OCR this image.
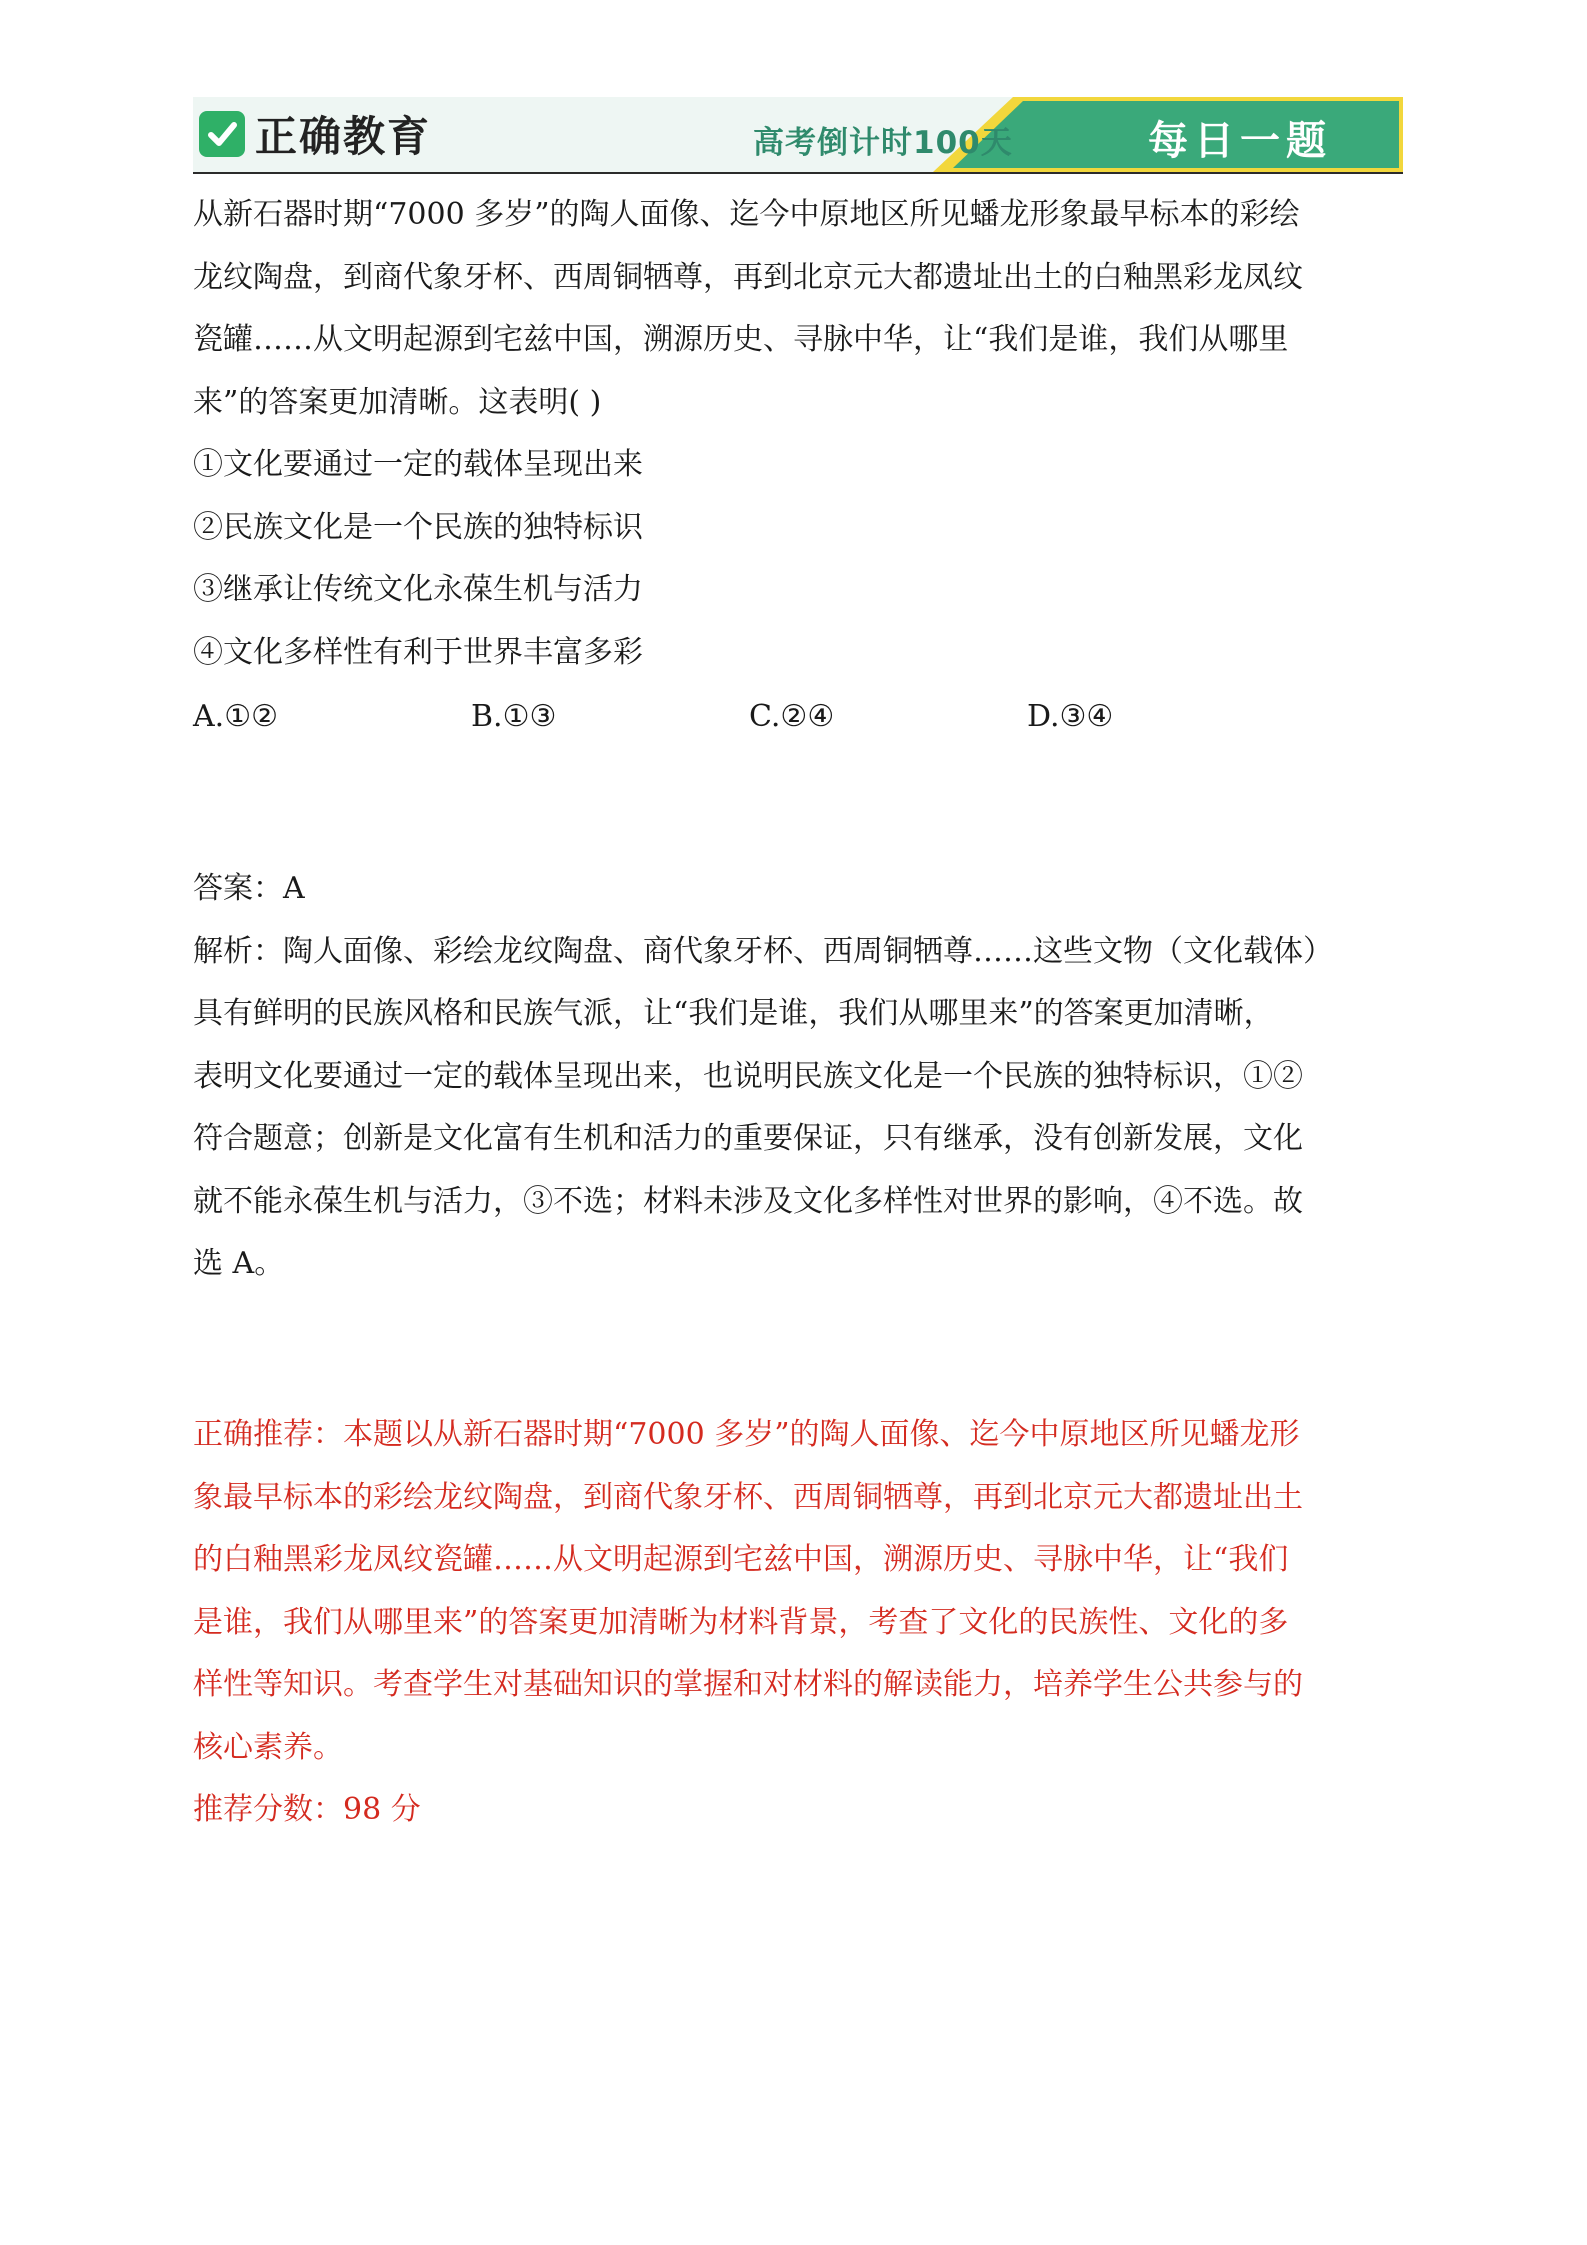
正确教育	高考倒计时100天	每日一题
从新石器时期“7000 多岁”的陶人面像、迄今中原地区所见蟠龙形象最早标本的彩绘
龙纹陶盘，到商代象牙杯、西周铜牺尊，再到北京元大都遗址出土的白釉黑彩龙凤纹
瓷罐……从文明起源到宅兹中国，溯源历史、寻脉中华，让“我们是谁，我们从哪里
来”的答案更加清晰。这表明( )
①文化要通过一定的载体呈现出来
②民族文化是一个民族的独特标识
③继承让传统文化永葆生机与活力
④文化多样性有利于世界丰富多彩
A.①②	B.①③	C.②④	D.③④
答案：A
解析：陶人面像、彩绘龙纹陶盘、商代象牙杯、西周铜牺尊……这些文物（文化载体）
具有鲜明的民族风格和民族气派，让“我们是谁，我们从哪里来”的答案更加清晰，
表明文化要通过一定的载体呈现出来，也说明民族文化是一个民族的独特标识，①②
符合题意；创新是文化富有生机和活力的重要保证，只有继承，没有创新发展，文化
就不能永葆生机与活力，③不选；材料未涉及文化多样性对世界的影响，④不选。故
选 A。
正确推荐：本题以从新石器时期“7000 多岁”的陶人面像、迄今中原地区所见蟠龙形
象最早标本的彩绘龙纹陶盘，到商代象牙杯、西周铜牺尊，再到北京元大都遗址出土
的白釉黑彩龙凤纹瓷罐……从文明起源到宅兹中国，溯源历史、寻脉中华，让“我们
是谁，我们从哪里来”的答案更加清晰为材料背景，考查了文化的民族性、文化的多
样性等知识。考查学生对基础知识的掌握和对材料的解读能力，培养学生公共参与的
核心素养。
推荐分数：98 分
